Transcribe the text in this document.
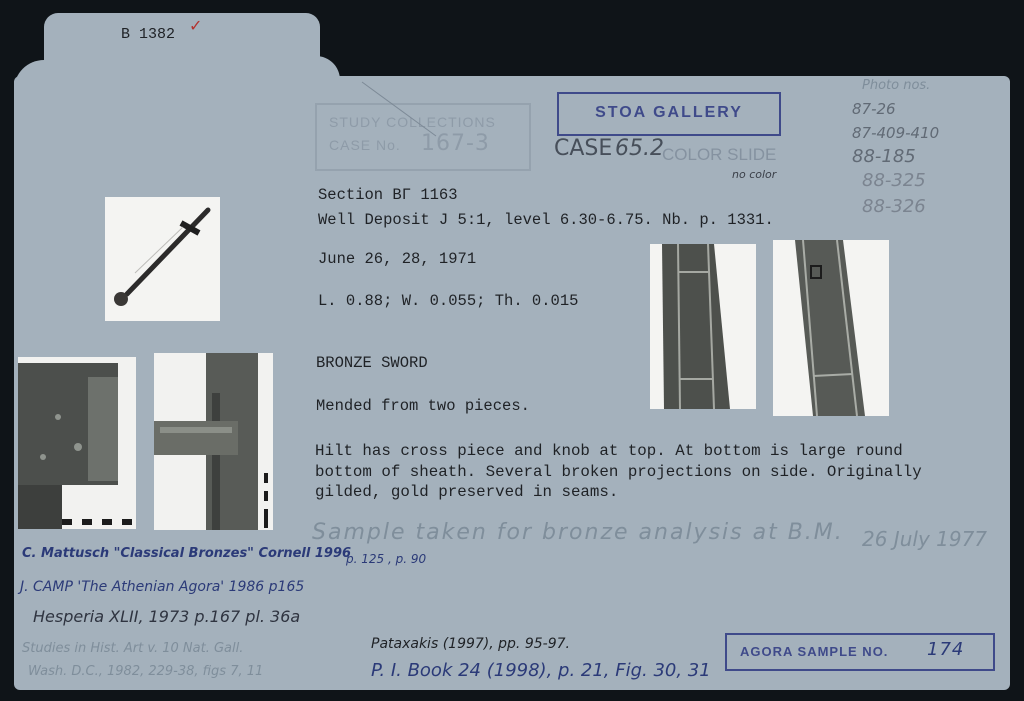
B 1382 ✓
STUDY COLLECTIONS
CASE No. 167-3
STOA GALLERY
CASE 65.2
COLOR SLIDE
no color
Photo nos.
87-26
87-409-410
88-185
88-325
88-326
Section ΒΓ 1163
Well Deposit J 5:1, level 6.30-6.75. Nb. p. 1331.
June 26, 28, 1971
L. 0.88; W. 0.055; Th. 0.015
BRONZE SWORD
Mended from two pieces.
Hilt has cross piece and knob at top. At bottom is large round
bottom of sheath. Several broken projections on side. Originally
gilded, gold preserved in seams.
Sample taken for bronze analysis at B.M. 26 July 1977
C. Mattusch "Classical Bronzes" Cornell 1996
p. 125 , p. 90
J. CAMP 'The Athenian Agora' 1986 p165
Hesperia XLII, 1973 p.167 pl. 36a
Studies in Hist. Art v. 10 Nat. Gall.
Wash. D.C., 1982, 229-38, figs 7, 11
Pataxakis (1997), pp. 95-97.
P. I. Book 24 (1998), p. 21, Fig. 30, 31
AGORA SAMPLE NO. 174
